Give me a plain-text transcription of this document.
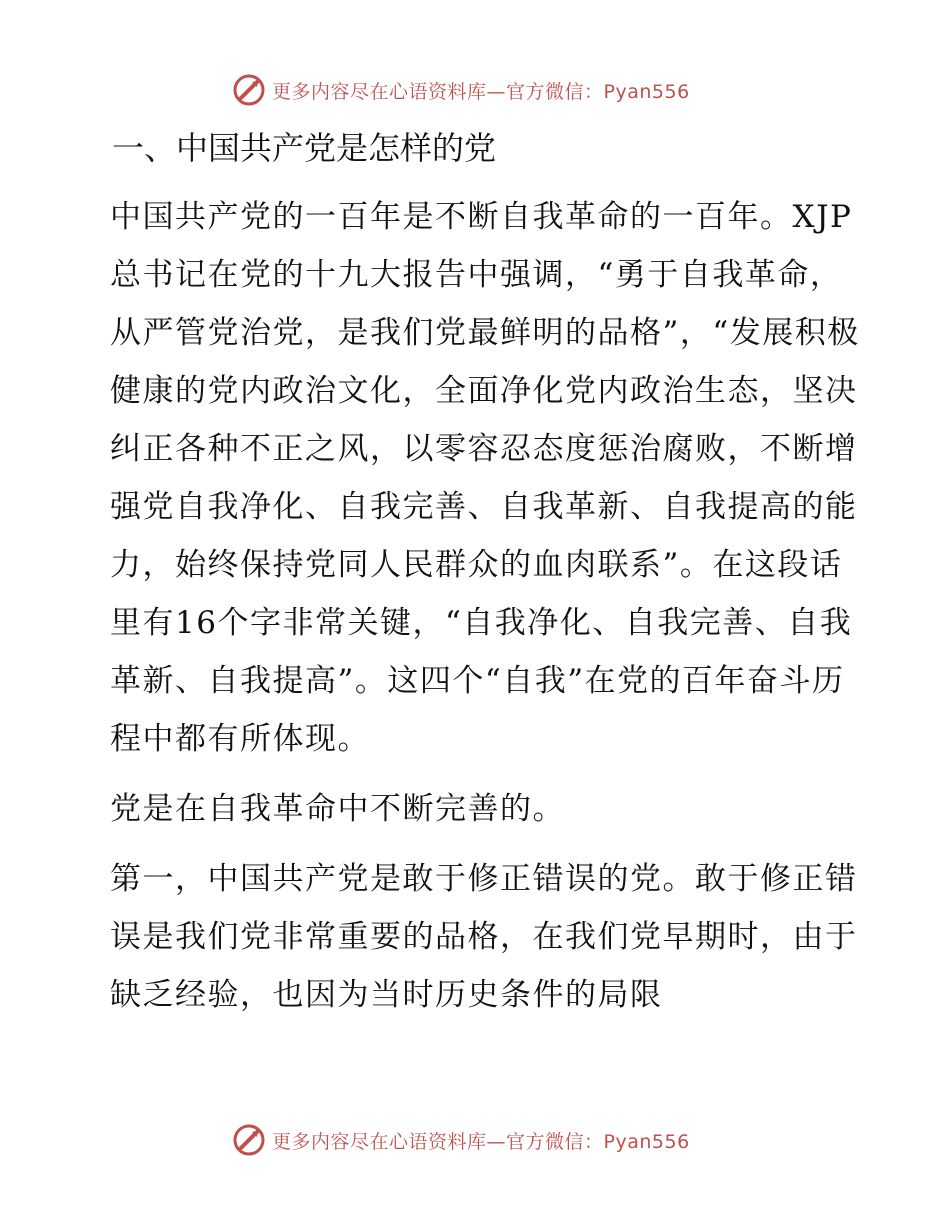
更多内容尽在心语资料库—官方微信：Pyan556
一、中国共产党是怎样的党

中国共产党的一百年是不断自我革命的一百年。XJP总书记在党的十九大报告中强调，“勇于自我革命，从严管党治党，是我们党最鲜明的品格”，“发展积极健康的党内政治文化，全面净化党内政治生态，坚决纠正各种不正之风，以零容忍态度惩治腐败，不断增强党自我净化、自我完善、自我革新、自我提高的能力，始终保持党同人民群众的血肉联系”。在这段话里有16个字非常关键，“自我净化、自我完善、自我革新、自我提高”。这四个“自我”在党的百年奋斗历程中都有所体现。

党是在自我革命中不断完善的。

第一，中国共产党是敢于修正错误的党。敢于修正错误是我们党非常重要的品格，在我们党早期时，由于缺乏经验，也因为当时历史条件的局限

更多内容尽在心语资料库—官方微信：Pyan556
